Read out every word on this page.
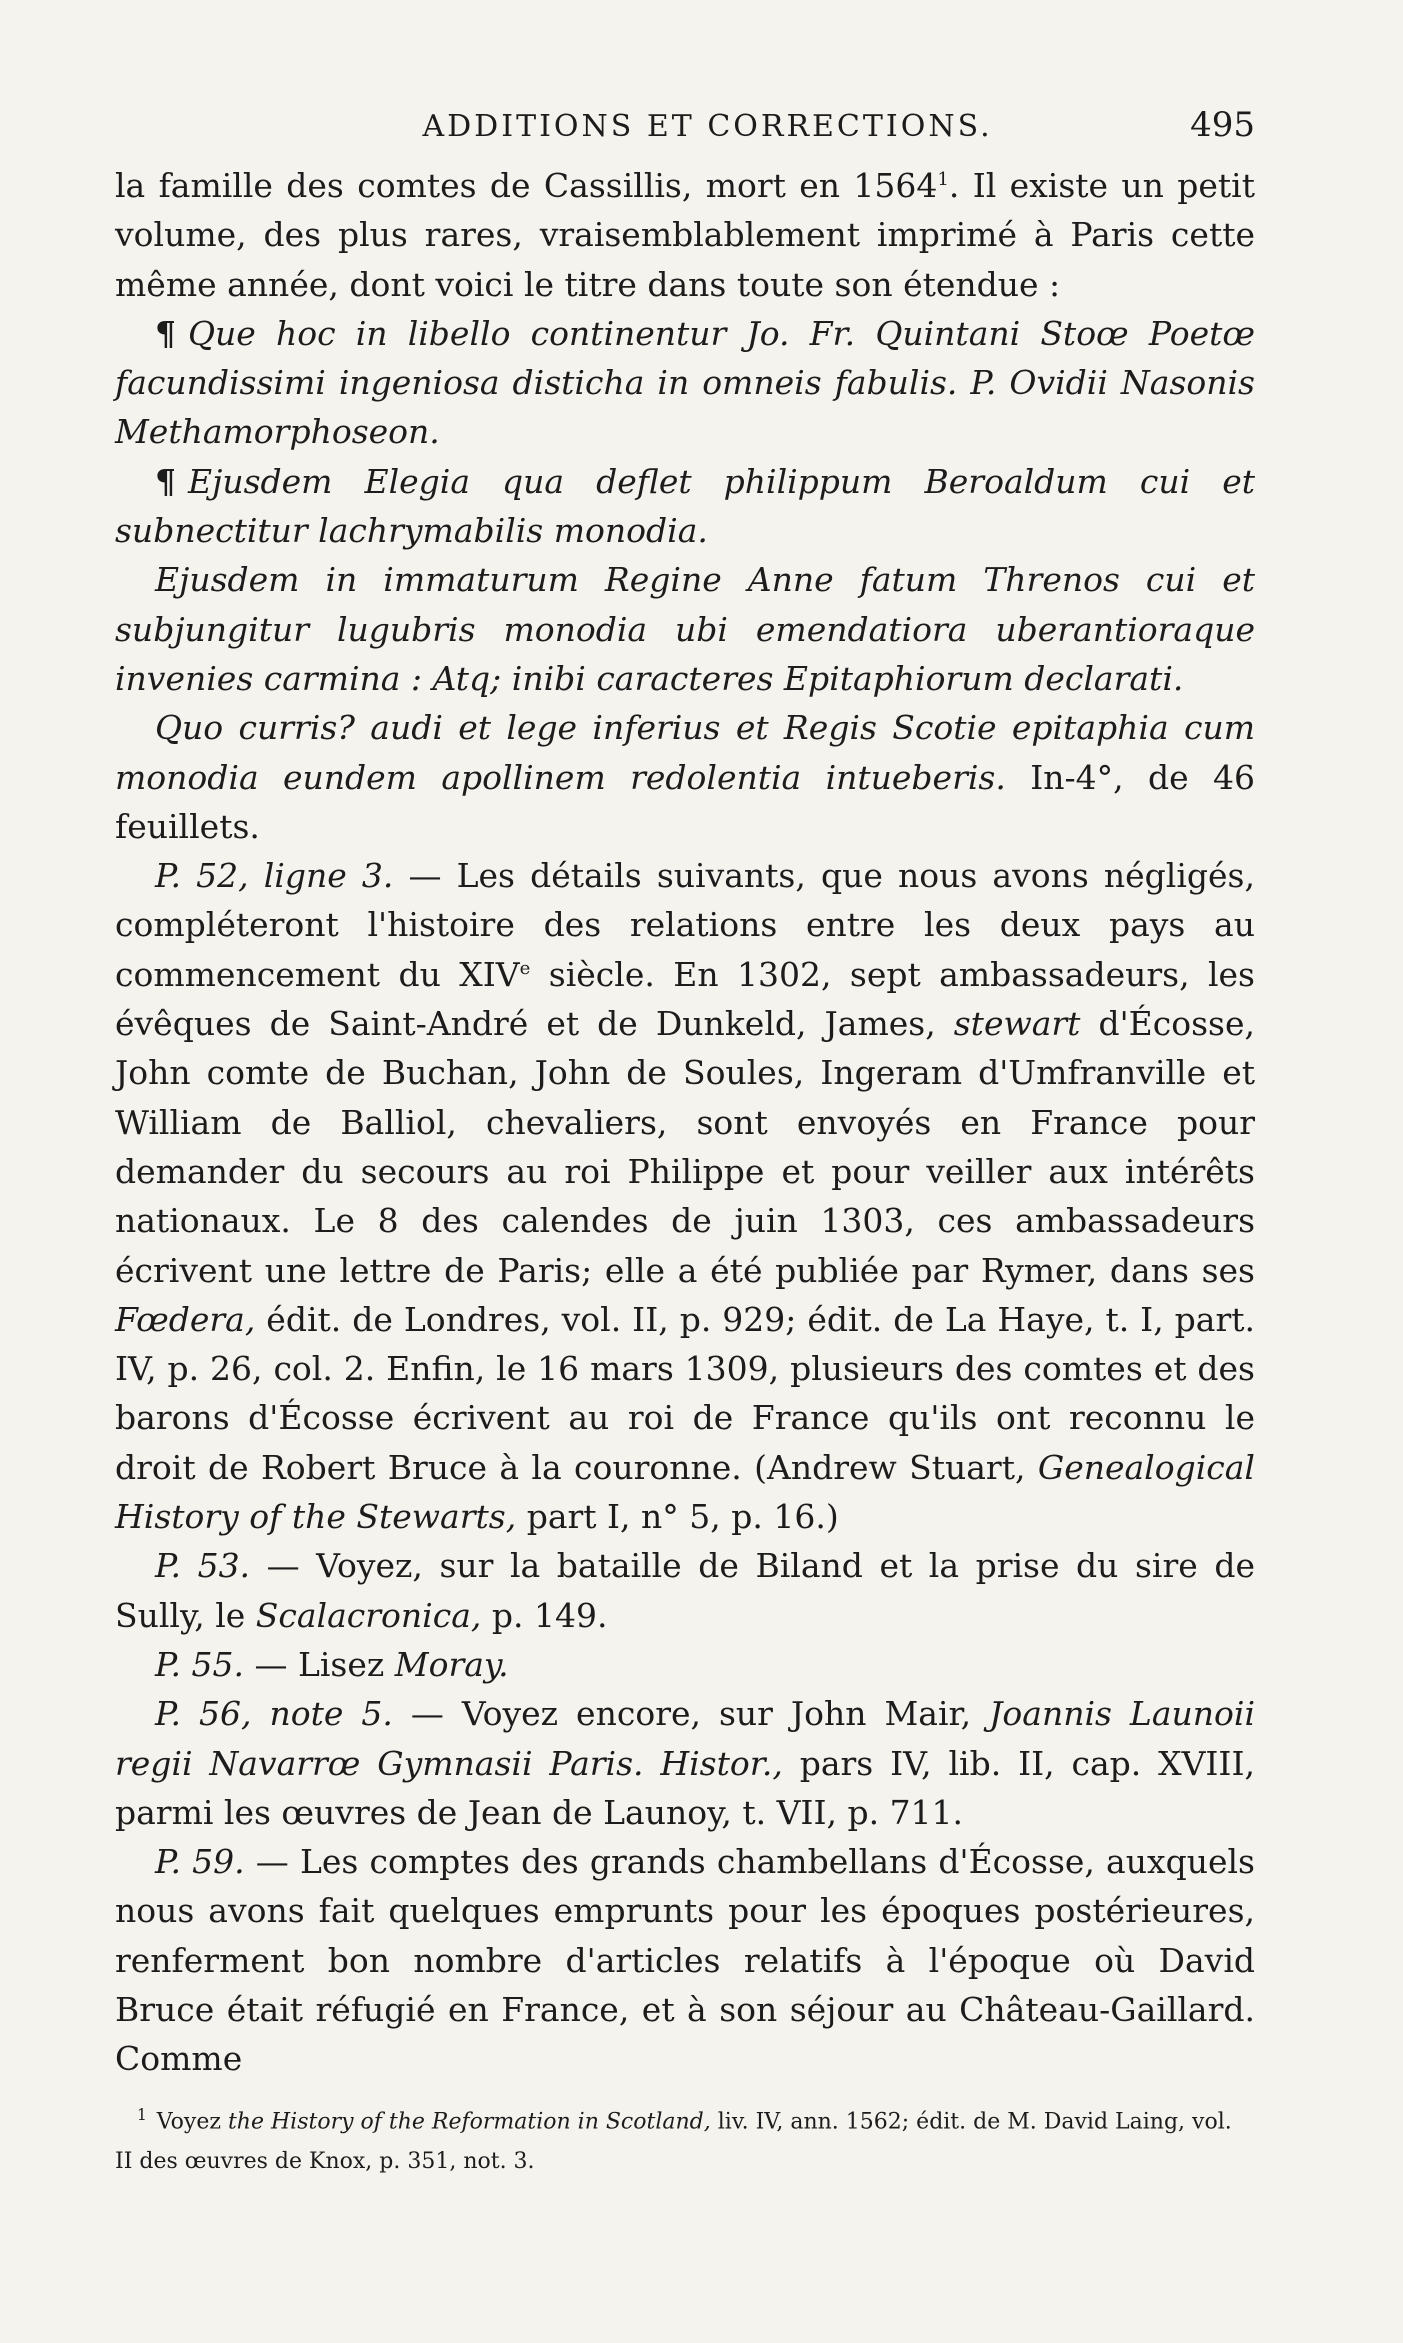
ADDITIONS ET CORRECTIONS.	495

la famille des comtes de Cassillis, mort en 1564$^1$. Il existe un petit volume, des plus rares, vraisemblablement imprimé à Paris cette même année, dont voici le titre dans toute son étendue :

¶ Que hoc in libello continentur Jo. Fr. Quintani Stoœ Poetœ facundissimi ingeniosa disticha in omneis fabulis. P. Ovidii Nasonis Methamorphoseon.

¶ Ejusdem Elegia qua deflet philippum Beroaldum cui et subnectitur lachrymabilis monodia.

Ejusdem in immaturum Regine Anne fatum Threnos cui et subjungitur lugubris monodia ubi emendatiora uberantioraque invenies carmina : Atq; inibi caracteres Epitaphiorum declarati.

Quo curris? audi et lege inferius et Regis Scotie epitaphia cum monodia eundem apollinem redolentia intueberis. In-4°, de 46 feuillets.

P. 52, ligne 3. — Les détails suivants, que nous avons négligés, compléteront l'histoire des relations entre les deux pays au commencement du XIVe siècle. En 1302, sept ambassadeurs, les évêques de Saint-André et de Dunkeld, James, stewart d'Écosse, John comte de Buchan, John de Soules, Ingeram d'Umfranville et William de Balliol, chevaliers, sont envoyés en France pour demander du secours au roi Philippe et pour veiller aux intérêts nationaux. Le 8 des calendes de juin 1303, ces ambassadeurs écrivent une lettre de Paris; elle a été publiée par Rymer, dans ses Fœdera, édit. de Londres, vol. II, p. 929; édit. de La Haye, t. I, part. IV, p. 26, col. 2. Enfin, le 16 mars 1309, plusieurs des comtes et des barons d'Écosse écrivent au roi de France qu'ils ont reconnu le droit de Robert Bruce à la couronne. (Andrew Stuart, Genealogical History of the Stewarts, part I, n° 5, p. 16.)

P. 53. — Voyez, sur la bataille de Biland et la prise du sire de Sully, le Scalacronica, p. 149.

P. 55. — Lisez Moray.

P. 56, note 5. — Voyez encore, sur John Mair, Joannis Launoii regii Navarrœ Gymnasii Paris. Histor., pars IV, lib. II, cap. XVIII, parmi les œuvres de Jean de Launoy, t. VII, p. 711.

P. 59. — Les comptes des grands chambellans d'Écosse, auxquels nous avons fait quelques emprunts pour les époques postérieures, renferment bon nombre d'articles relatifs à l'époque où David Bruce était réfugié en France, et à son séjour au Château-Gaillard. Comme

$^1$ Voyez the History of the Reformation in Scotland, liv. IV, ann. 1562; édit. de M. David Laing, vol. II des œuvres de Knox, p. 351, not. 3.
